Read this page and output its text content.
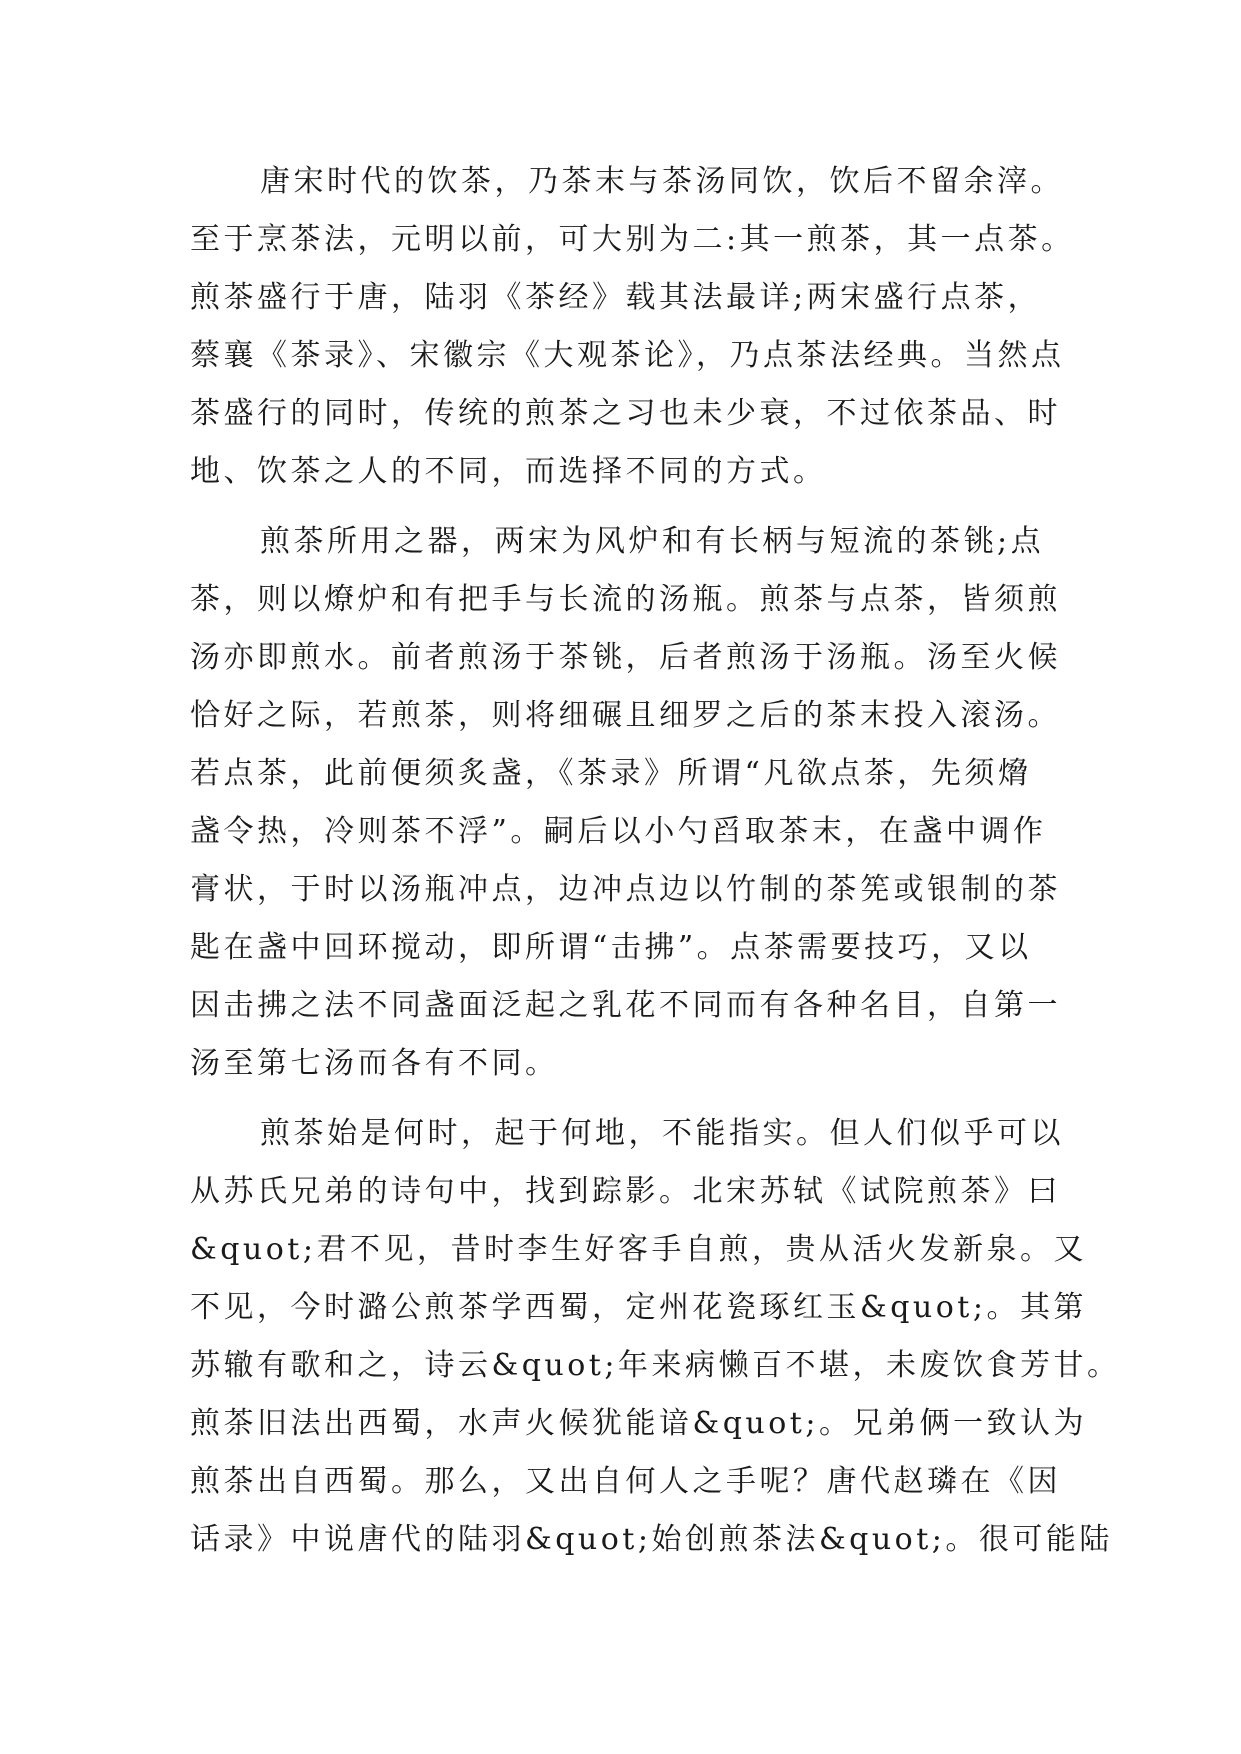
唐宋时代的饮茶，乃茶末与茶汤同饮，饮后不留余滓。
至于烹茶法，元明以前，可大别为二:其一煎茶，其一点茶。
煎茶盛行于唐，陆羽《茶经》载其法最详;两宋盛行点茶，
蔡襄《茶录》、宋徽宗《大观茶论》，乃点茶法经典。当然点
茶盛行的同时，传统的煎茶之习也未少衰，不过依茶品、时
地、饮茶之人的不同，而选择不同的方式。
煎茶所用之器，两宋为风炉和有长柄与短流的茶铫;点
茶，则以燎炉和有把手与长流的汤瓶。煎茶与点茶，皆须煎
汤亦即煎水。前者煎汤于茶铫，后者煎汤于汤瓶。汤至火候
恰好之际，若煎茶，则将细碾且细罗之后的茶末投入滚汤。
若点茶，此前便须炙盏，《茶录》所谓“凡欲点茶，先须熁
盏令热，冷则茶不浮”。嗣后以小勺舀取茶末，在盏中调作
膏状，于时以汤瓶冲点，边冲点边以竹制的茶筅或银制的茶
匙在盏中回环搅动，即所谓“击拂”。点茶需要技巧，又以
因击拂之法不同盏面泛起之乳花不同而有各种名目，自第一
汤至第七汤而各有不同。
煎茶始是何时，起于何地，不能指实。但人们似乎可以
从苏氏兄弟的诗句中，找到踪影。北宋苏轼《试院煎茶》曰
&quot;君不见，昔时李生好客手自煎，贵从活火发新泉。又
不见，今时潞公煎茶学西蜀，定州花瓷琢红玉&quot;。其第
苏辙有歌和之，诗云&quot;年来病懒百不堪，未废饮食芳甘。
煎茶旧法出西蜀，水声火候犹能谙&quot;。兄弟俩一致认为
煎茶出自西蜀。那么，又出自何人之手呢？唐代赵璘在《因
话录》中说唐代的陆羽&quot;始创煎茶法&quot;。很可能陆
